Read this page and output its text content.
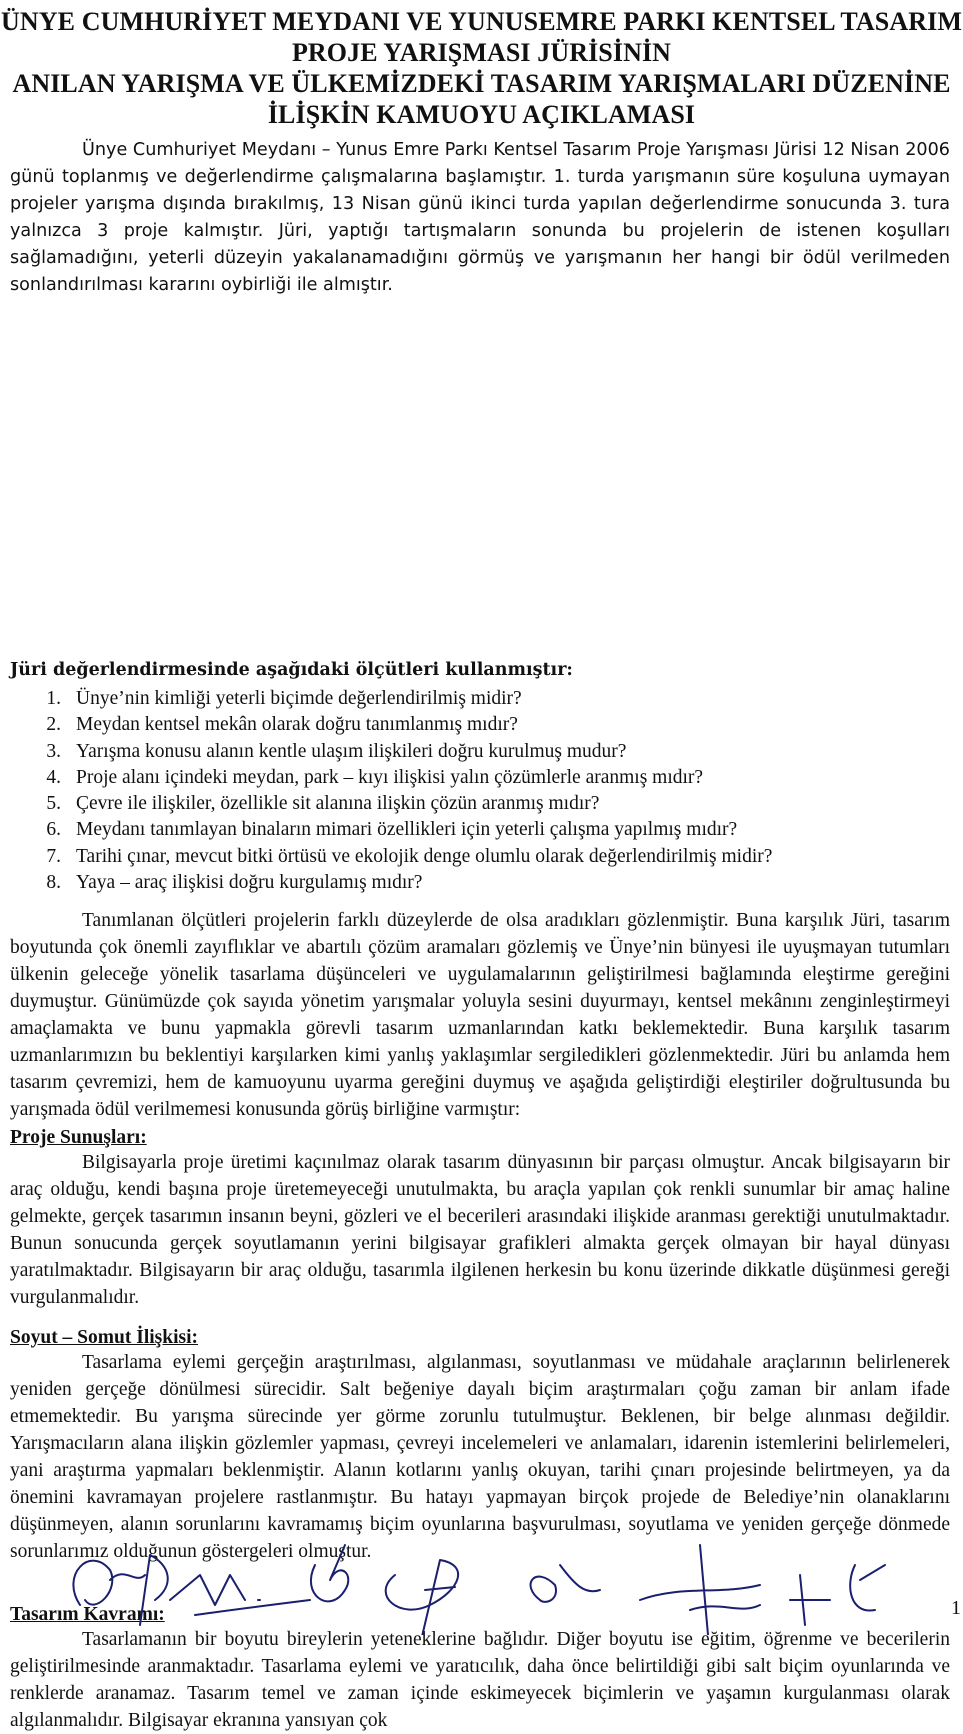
ÜNYE CUMHURİYET MEYDANI VE YUNUSEMRE PARKI KENTSEL TASARIM
PROJE YARIŞMASI JÜRİSİNİN
ANILAN YARIŞMA VE ÜLKEMİZDEKİ TASARIM YARIŞMALARI DÜZENİNE
İLİŞKİN KAMUOYU AÇIKLAMASI

Ünye Cumhuriyet Meydanı – Yunus Emre Parkı Kentsel Tasarım Proje Yarışması Jürisi 12 Nisan 2006 günü toplanmış ve değerlendirme çalışmalarına başlamıştır. 1. turda yarışmanın süre koşuluna uymayan projeler yarışma dışında bırakılmış, 13 Nisan günü ikinci turda yapılan değerlendirme sonucunda 3. tura yalnızca 3 proje kalmıştır. Jüri, yaptığı tartışmaların sonunda bu projelerin de istenen koşulları sağlamadığını, yeterli düzeyin yakalanamadığını görmüş ve yarışmanın her hangi bir ödül verilmeden sonlandırılması kararını oybirliği ile almıştır.

Jüri değerlendirmesinde aşağıdaki ölçütleri kullanmıştır:
1. Ünye’nin kimliği yeterli biçimde değerlendirilmiş midir?
2. Meydan kentsel mekân olarak doğru tanımlanmış mıdır?
3. Yarışma konusu alanın kentle ulaşım ilişkileri doğru kurulmuş mudur?
4. Proje alanı içindeki meydan, park – kıyı ilişkisi yalın çözümlerle aranmış mıdır?
5. Çevre ile ilişkiler, özellikle sit alanına ilişkin çözün aranmış mıdır?
6. Meydanı tanımlayan binaların mimari özellikleri için yeterli çalışma yapılmış mıdır?
7. Tarihi çınar, mevcut bitki örtüsü ve ekolojik denge olumlu olarak değerlendirilmiş midir?
8. Yaya – araç ilişkisi doğru kurgulamış mıdır?

Tanımlanan ölçütleri projelerin farklı düzeylerde de olsa aradıkları gözlenmiştir. Buna karşılık Jüri, tasarım boyutunda çok önemli zayıflıklar ve abartılı çözüm aramaları gözlemiş ve Ünye’nin bünyesi ile uyuşmayan tutumları ülkenin geleceğe yönelik tasarlama düşünceleri ve uygulamalarının geliştirilmesi bağlamında eleştirme gereğini duymuştur. Günümüzde çok sayıda yönetim yarışmalar yoluyla sesini duyurmayı, kentsel mekânını zenginleştirmeyi amaçlamakta ve bunu yapmakla görevli tasarım uzmanlarından katkı beklemektedir. Buna karşılık tasarım uzmanlarımızın bu beklentiyi karşılarken kimi yanlış yaklaşımlar sergiledikleri gözlenmektedir. Jüri bu anlamda hem tasarım çevremizi, hem de kamuoyunu uyarma gereğini duymuş ve aşağıda geliştirdiği eleştiriler doğrultusunda bu yarışmada ödül verilmemesi konusunda görüş birliğine varmıştır:

Proje Sunuşları:

Bilgisayarla proje üretimi kaçınılmaz olarak tasarım dünyasının bir parçası olmuştur. Ancak bilgisayarın bir araç olduğu, kendi başına proje üretemeyeceği unutulmakta, bu araçla yapılan çok renkli sunumlar bir amaç haline gelmekte, gerçek tasarımın insanın beyni, gözleri ve el becerileri arasındaki ilişkide aranması gerektiği unutulmaktadır. Bunun sonucunda gerçek soyutlamanın yerini bilgisayar grafikleri almakta gerçek olmayan bir hayal dünyası yaratılmaktadır. Bilgisayarın bir araç olduğu, tasarımla ilgilenen herkesin bu konu üzerinde dikkatle düşünmesi gereği vurgulanmalıdır.

Soyut – Somut İlişkisi:

Tasarlama eylemi gerçeğin araştırılması, algılanması, soyutlanması ve müdahale araçlarının belirlenerek yeniden gerçeğe dönülmesi sürecidir. Salt beğeniye dayalı biçim araştırmaları çoğu zaman bir anlam ifade etmemektedir. Bu yarışma sürecinde yer görme zorunlu tutulmuştur. Beklenen, bir belge alınması değildir. Yarışmacıların alana ilişkin gözlemler yapması, çevreyi incelemeleri ve anlamaları, idarenin istemlerini belirlemeleri, yani araştırma yapmaları beklenmiştir. Alanın kotlarını yanlış okuyan, tarihi çınarı projesinde belirtmeyen, ya da önemini kavramayan projelere rastlanmıştır. Bu hatayı yapmayan birçok projede de Belediye’nin olanaklarını düşünmeyen, alanın sorunlarını kavramamış biçim oyunlarına başvurulması, soyutlama ve yeniden gerçeğe dönmede sorunlarımız olduğunun göstergeleri olmuştur.

Tasarım Kavramı:

Tasarlamanın bir boyutu bireylerin yeteneklerine bağlıdır. Diğer boyutu ise eğitim, öğrenme ve becerilerin geliştirilmesinde aranmaktadır. Tasarlama eylemi ve yaratıcılık, daha önce belirtildiği gibi salt biçim oyunlarında ve renklerde aranamaz. Tasarım temel ve zaman içinde eskimeyecek biçimlerin ve yaşamın kurgulanması olarak algılanmalıdır. Bilgisayar ekranına yansıyan çok

1
